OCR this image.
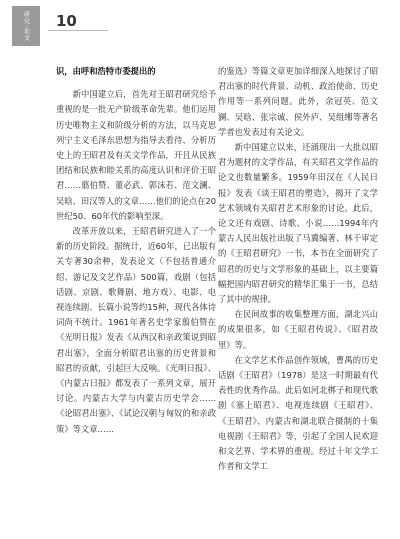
研究·论文 10

识，由呼和浩特市委提出的

新中国建立后，首先对王昭君研究给予重视的是一批无产阶级革命先辈。他们运用历史唯物主义和阶级分析的方法，以马克思列宁主义毛泽东思想为指导去看待、分析历史上的王昭君及有关文学作品，开且从民族团结和民族和睦关系的高度认识和评价王昭君……翦伯赞、董必武、郭沫若、范文澜、吴晗、田汉等人的文章……他们的论点在20世纪50、60年代的影响至深。

改革开放以来，王昭君研究进入了一个新的历史阶段。据统计，近60年，已出版有关专著30余种，发表论文（不包括普通介绍、游记及文艺作品）500篇，戏剧（包括话剧、京剧、歌舞剧、地方戏）、电影、电视连续剧、长篇小说等约15种，现代各体诗词尚不统计。1961年著名史学家翦伯赞在《光明日报》发表《从西汉和亲政策说到昭君出塞》，全面分析昭君出塞的历史背景和昭君的贡献，引起巨大反响。《光明日报》、《内蒙古日报》都发表了一系列文章，展开讨论。内蒙古大学与内蒙古历史学会……《论昭君出塞》、《试论汉朝与匈奴的和亲政策》等文章……

的鉴选》等篇文章更加详细深入地探讨了昭君出塞的时代背景、动机、政治使命、历史作用等一系列问题。此外，余冠英、范文澜、吴晗、张宗诚、侯外庐、吴组缃等著名学者也发表过有关论文。

新中国建立以来，还涌现出一大批以昭君为题材的文学作品，有关昭君文学作品的论文也数量繁多。1959年田汉在《人民日报》发表《谈王昭君的塑造》，揭开了文学艺术领域有关昭君艺术形象的讨论。此后，论文还有戏剧、诗歌、小说……1994年内蒙古人民出版社出版了马冀编著、林干审定的《王昭君研究》一书，本书在全面研究了昭君的历史与文学形象的基础上，以主要篇幅把国内昭君研究的精华汇集于一书，总结了其中的规律。

在民间故事的收集整理方面，湖北兴山的成果很多，如《王昭君传说》、《昭君故里》等。

在文学艺术作品创作领域，曹禺的历史话剧《王昭君》（1978）是这一时期最有代表性的优秀作品。此后如河北梆子和现代歌剧《塞上昭君》、电视连续剧《王昭君》、《王昭君》、内蒙古和湖北联合摄制的十集电视剧《王昭君》等，引起了全国人民欢迎和文艺界、学术界的重视。经过十年文学工作者和文学工
